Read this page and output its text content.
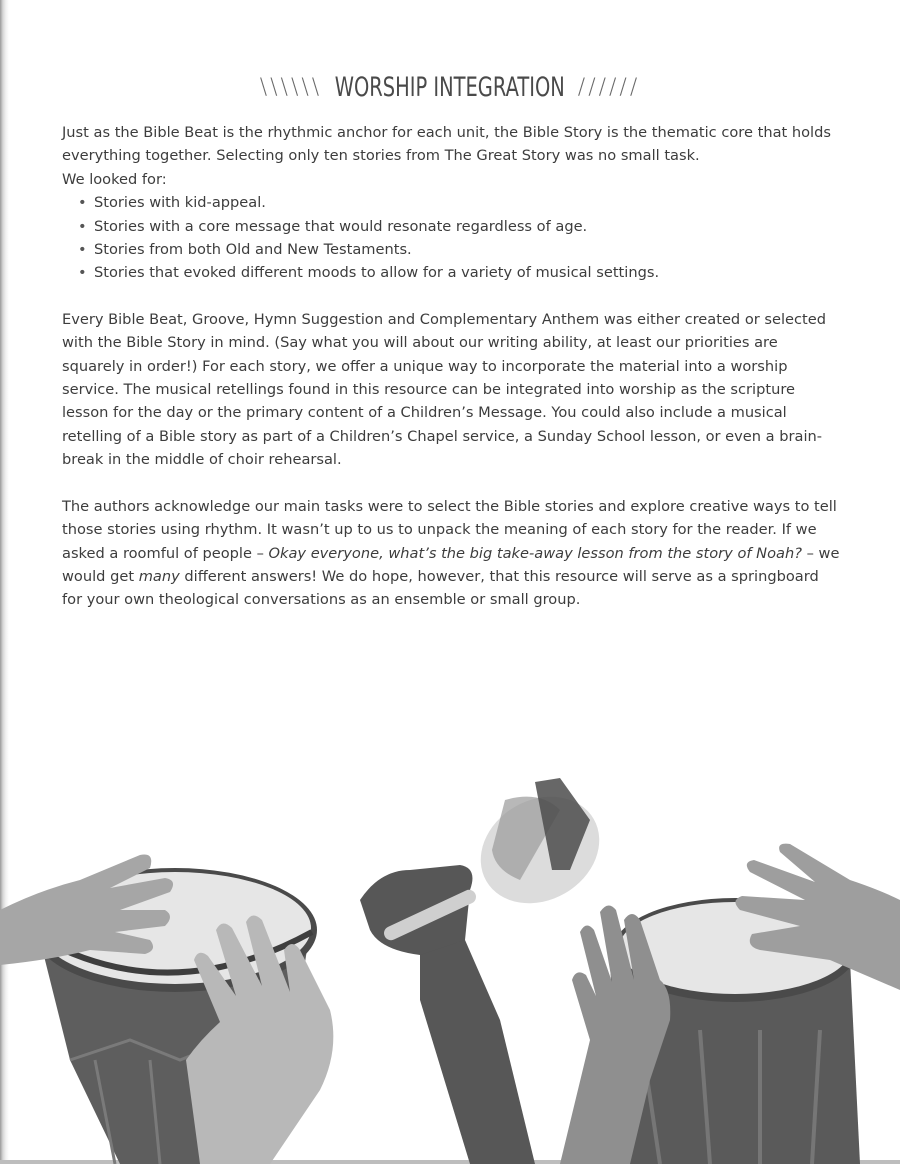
\\\\\\ WORSHIP INTEGRATION //////

Just as the Bible Beat is the rhythmic anchor for each unit, the Bible Story is the thematic core that holds everything together. Selecting only ten stories from The Great Story was no small task.

We looked for:

• Stories with kid-appeal.
• Stories with a core message that would resonate regardless of age.
• Stories from both Old and New Testaments.
• Stories that evoked different moods to allow for a variety of musical settings.

Every Bible Beat, Groove, Hymn Suggestion and Complementary Anthem was either created or selected with the Bible Story in mind. (Say what you will about our writing ability, at least our priorities are squarely in order!) For each story, we offer a unique way to incorporate the material into a worship service. The musical retellings found in this resource can be integrated into worship as the scripture lesson for the day or the primary content of a Children’s Message. You could also include a musical retelling of a Bible story as part of a Children’s Chapel service, a Sunday School lesson, or even a brain-break in the middle of choir rehearsal.

The authors acknowledge our main tasks were to select the Bible stories and explore creative ways to tell those stories using rhythm. It wasn’t up to us to unpack the meaning of each story for the reader. If we asked a roomful of people – Okay everyone, what’s the big take-away lesson from the story of Noah? – we would get many different answers! We do hope, however, that this resource will serve as a springboard for your own theological conversations as an ensemble or small group.
